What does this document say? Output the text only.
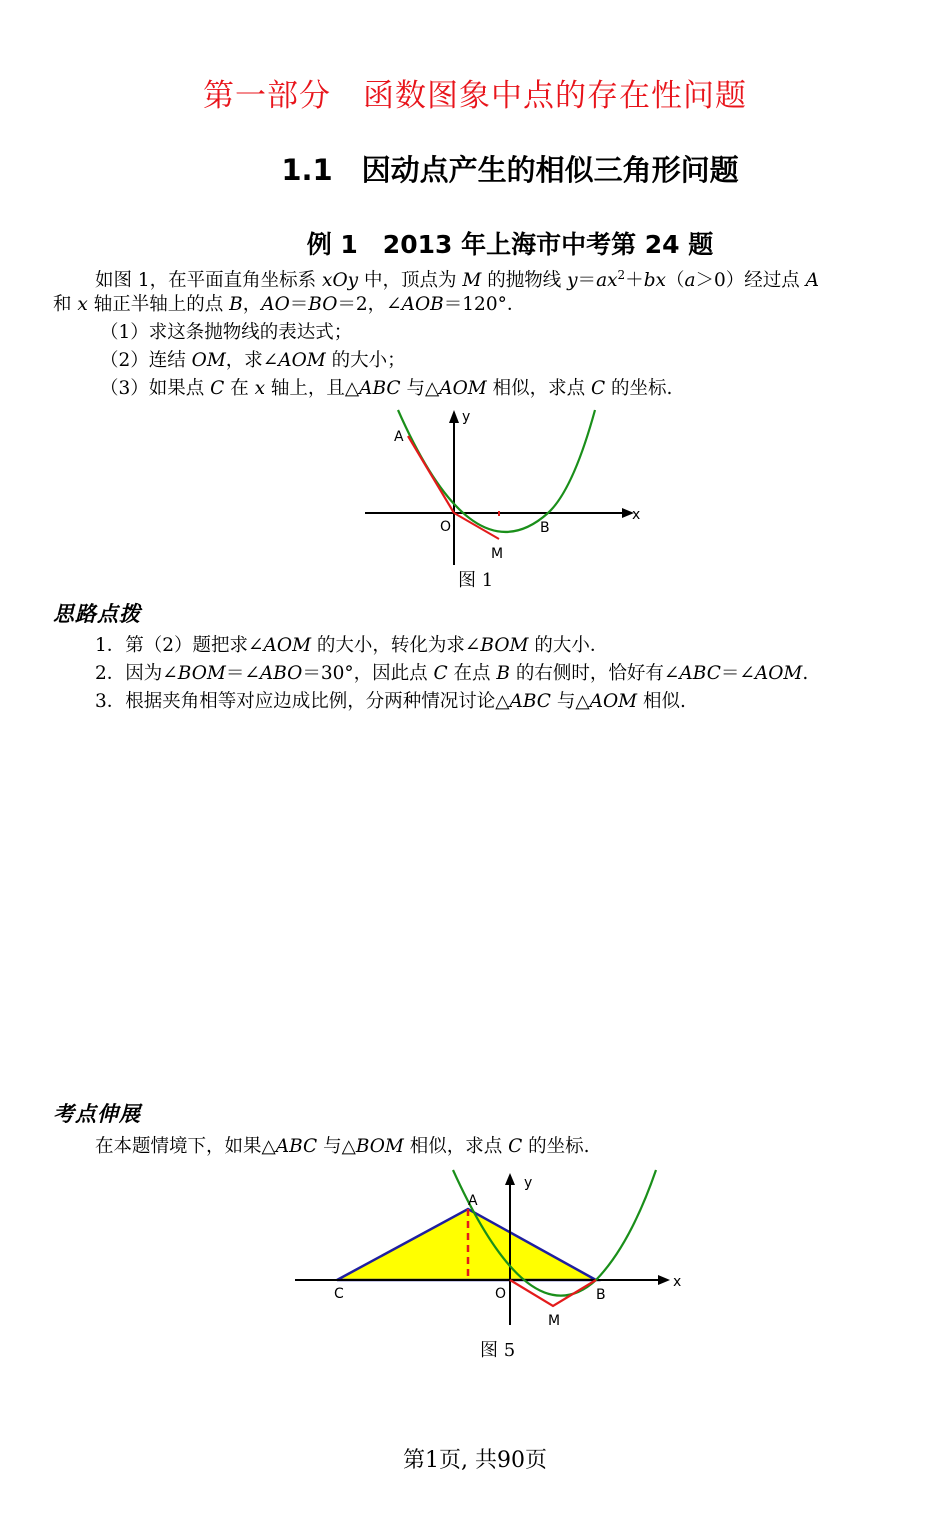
第一部分　函数图象中点的存在性问题
1.1　因动点产生的相似三角形问题
例 1　2013 年上海市中考第 24 题
如图 1，在平面直角坐标系 xOy 中，顶点为 M 的抛物线 $y=ax^2+bx(a>0)$经过点 A
和 x 轴正半轴上的点 B，AO＝BO＝2，∠AOB＝120°．
（1）求这条抛物线的表达式；
（2）连结 OM，求∠AOM 的大小；
（3）如果点 C 在 x 轴上，且△ABC 与△AOM 相似，求点 C 的坐标.
A
O	B
M
x
y
图 1
思路点拨
1．第（2）题把求∠AOM 的大小，转化为求∠BOM 的大小．
2．因为∠BOM＝∠ABO＝30°，因此点 C 在点 B 的右侧时，恰好有∠ABC＝∠AOM.
3．根据夹角相等对应边成比例，分两种情况讨论△ABC 与△AOM 相似.
考点伸展
在本题情境下，如果△ABC 与△BOM 相似，求点 C 的坐标.
A
C	O	B
M
x
y
图 5
第1页, 共90页
